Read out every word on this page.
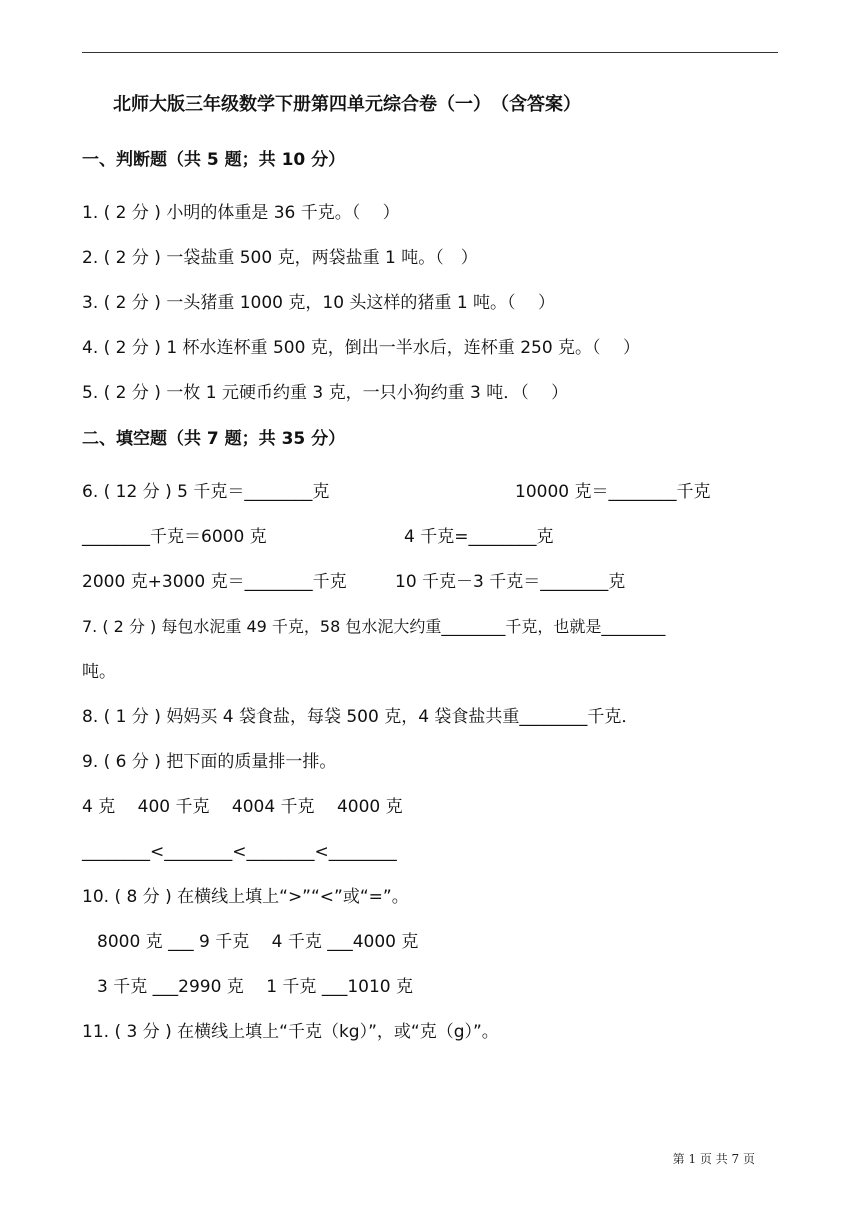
北师大版三年级数学下册第四单元综合卷（一）　（含答案）
一、判断题（共 5 题；共 10 分）
1. ( 2 分 ) 小明的体重是 36 千克。（　 ）
2. ( 2 分 ) 一袋盐重 500 克，两袋盐重 1 吨。（　）
3. ( 2 分 ) 一头猪重 1000 克，10 头这样的猪重 1 吨。（　 ）
4. ( 2 分 ) 1 杯水连杯重 500 克，倒出一半水后，连杯重 250 克。（　 ）
5. ( 2 分 ) 一枚 1 元硬币约重 3 克，一只小狗约重 3 吨．（　 ）
二、填空题（共 7 题；共 35 分）
6. ( 12 分 ) 5 千克＝________克	10000 克＝________千克
________千克＝6000 克	4 千克=________克
2000 克+3000 克＝________千克	10 千克－3 千克＝________克
7. ( 2 分 ) 每包水泥重 49 千克，58 包水泥大约重________千克，也就是________
吨。
8. ( 1 分 ) 妈妈买 4 袋食盐，每袋 500 克，4 袋食盐共重________千克．
9. ( 6 分 ) 把下面的质量排一排。
4 克　 400 千克　 4004 千克　 4000 克
________<________<________<________
10. ( 8 分 ) 在横线上填上“>”“<”或“=”。
8000 克 ___ 9 千克　 4 千克 ___4000 克
3 千克 ___2990 克　 1 千克 ___1010 克
11. ( 3 分 ) 在横线上填上“千克（kg）”，或“克（g）”。
第 1 页 共 7 页
